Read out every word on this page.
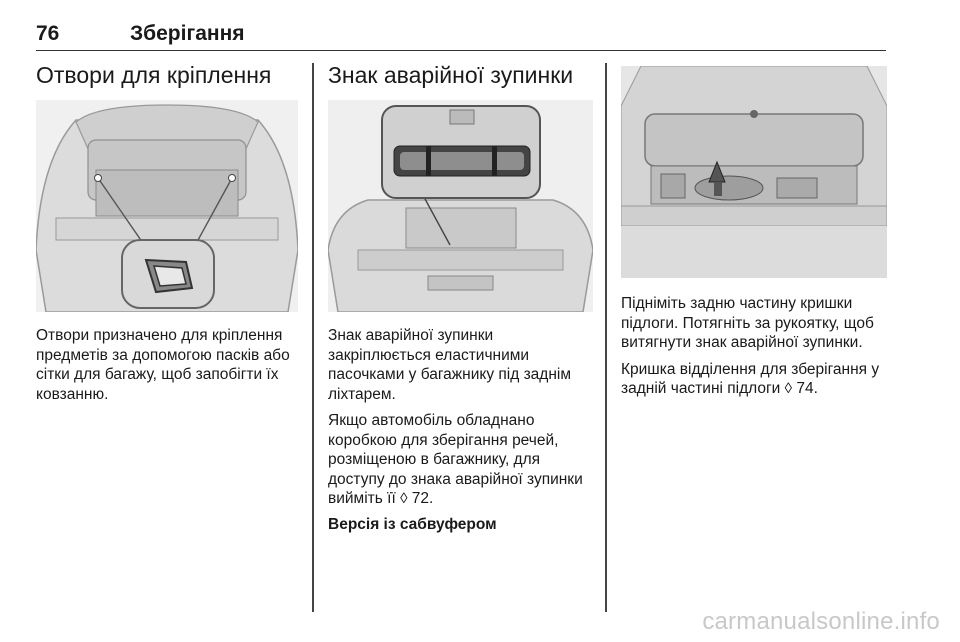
76	Зберігання
Отвори для кріплення

Отвори призначено для кріплення предметів за допомогою пасків або сітки для багажу, щоб запобігти їх ковзанню.

Знак аварійної зупинки

Знак аварійної зупинки закріплюється еластичними пасочками у багажнику під заднім ліхтарем.

Якщо автомобіль обладнано коробкою для зберігання речей, розміщеною в багажнику, для доступу до знака аварійної зупинки вийміть її ◊ 72.

Версія із сабвуфером

Підніміть задню частину кришки підлоги. Потягніть за рукоятку, щоб витягнути знак аварійної зупинки.

Кришка відділення для зберігання у задній частині підлоги ◊ 74.

carmanualsonline.info
